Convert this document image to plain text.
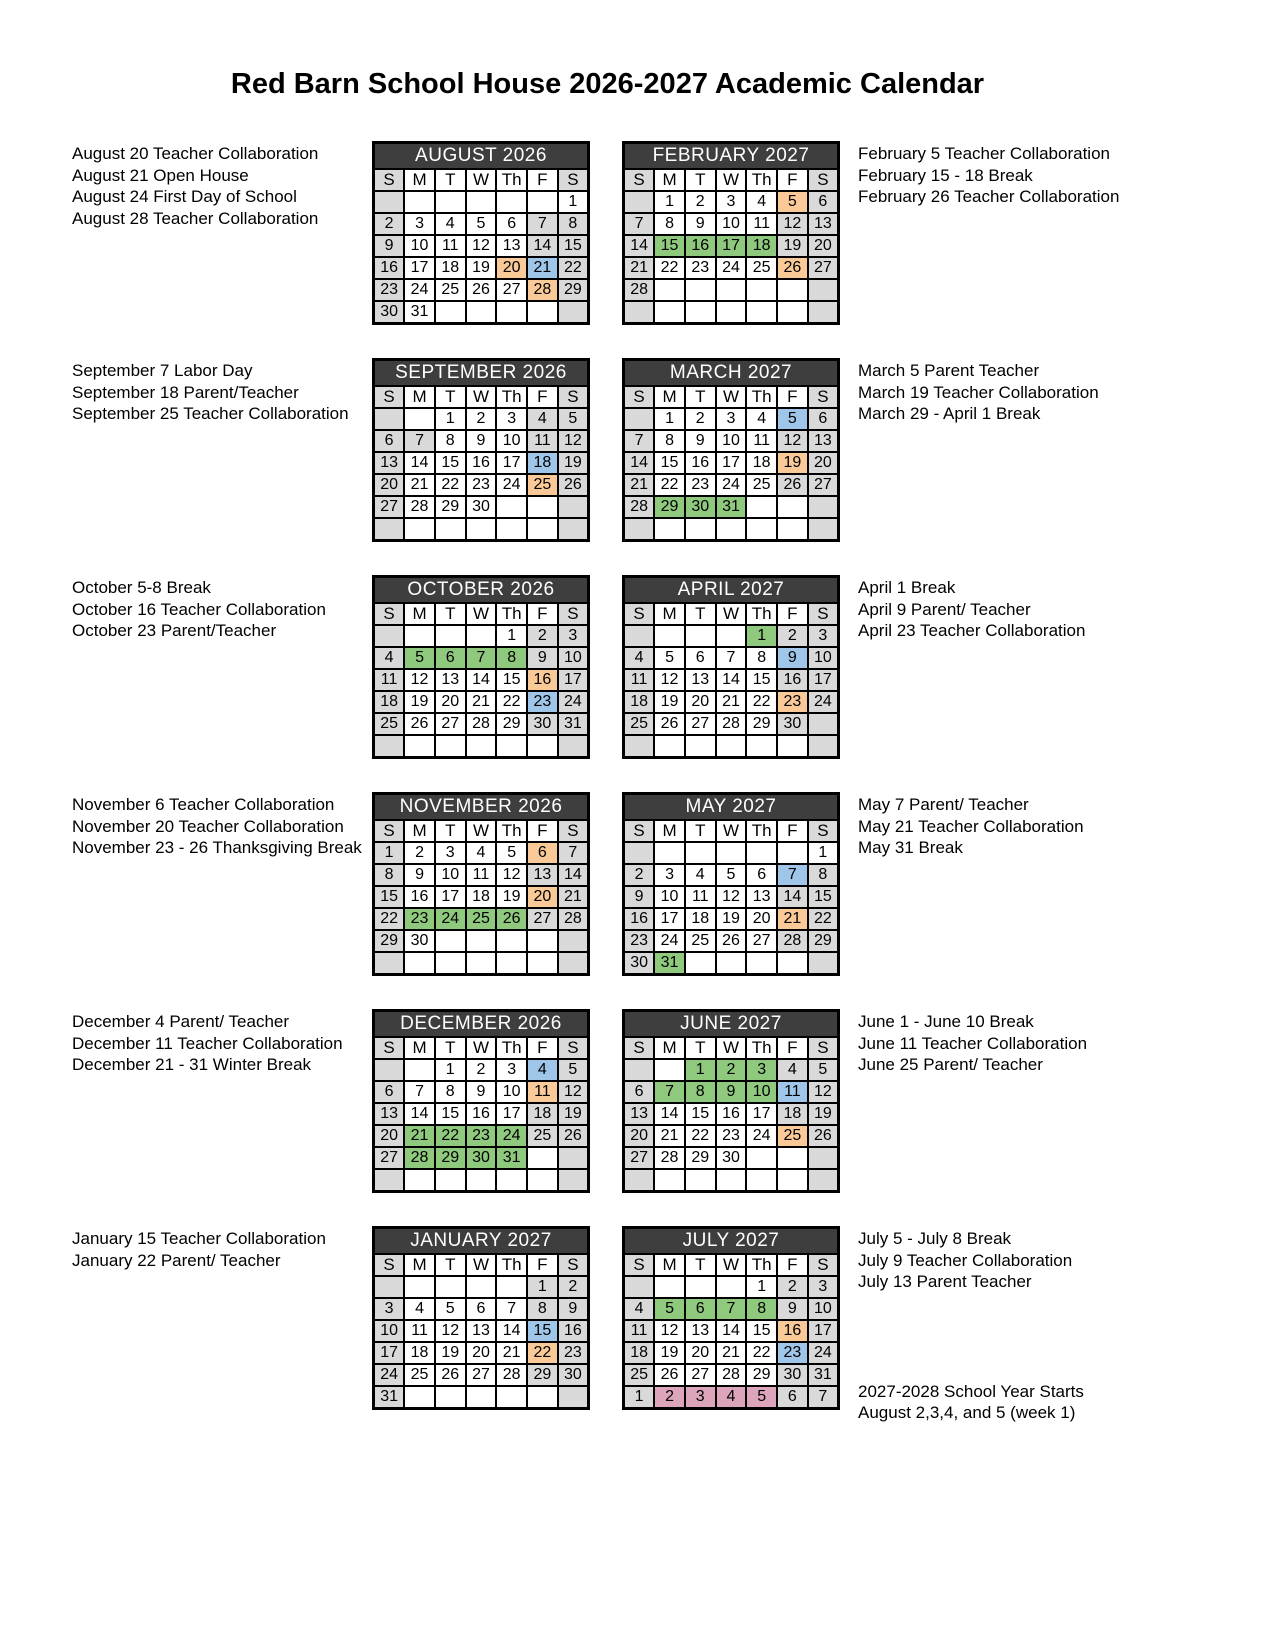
Red Barn School House 2026-2027 Academic Calendar
AUGUST 2026						
S	M	T	W	Th	F	S
						1
2	3	4	5	6	7	8
9	10	11	12	13	14	15
16	17	18	19	20	21	22
23	24	25	26	27	28	29
30	31					
FEBRUARY 2027						
S	M	T	W	Th	F	S
	1	2	3	4	5	6
7	8	9	10	11	12	13
14	15	16	17	18	19	20
21	22	23	24	25	26	27
28						

SEPTEMBER 2026						
S	M	T	W	Th	F	S
		1	2	3	4	5
6	7	8	9	10	11	12
13	14	15	16	17	18	19
20	21	22	23	24	25	26
27	28	29	30			

MARCH 2027						
S	M	T	W	Th	F	S
	1	2	3	4	5	6
7	8	9	10	11	12	13
14	15	16	17	18	19	20
21	22	23	24	25	26	27
28	29	30	31			

OCTOBER 2026						
S	M	T	W	Th	F	S
				1	2	3
4	5	6	7	8	9	10
11	12	13	14	15	16	17
18	19	20	21	22	23	24
25	26	27	28	29	30	31

APRIL 2027						
S	M	T	W	Th	F	S
				1	2	3
4	5	6	7	8	9	10
11	12	13	14	15	16	17
18	19	20	21	22	23	24
25	26	27	28	29	30	

NOVEMBER 2026						
S	M	T	W	Th	F	S
1	2	3	4	5	6	7
8	9	10	11	12	13	14
15	16	17	18	19	20	21
22	23	24	25	26	27	28
29	30					

MAY 2027						
S	M	T	W	Th	F	S
						1
2	3	4	5	6	7	8
9	10	11	12	13	14	15
16	17	18	19	20	21	22
23	24	25	26	27	28	29
30	31					
DECEMBER 2026						
S	M	T	W	Th	F	S
		1	2	3	4	5
6	7	8	9	10	11	12
13	14	15	16	17	18	19
20	21	22	23	24	25	26
27	28	29	30	31		

JUNE 2027						
S	M	T	W	Th	F	S
		1	2	3	4	5
6	7	8	9	10	11	12
13	14	15	16	17	18	19
20	21	22	23	24	25	26
27	28	29	30			

JANUARY 2027						
S	M	T	W	Th	F	S
					1	2
3	4	5	6	7	8	9
10	11	12	13	14	15	16
17	18	19	20	21	22	23
24	25	26	27	28	29	30
31						
JULY 2027						
S	M	T	W	Th	F	S
				1	2	3
4	5	6	7	8	9	10
11	12	13	14	15	16	17
18	19	20	21	22	23	24
25	26	27	28	29	30	31
1	2	3	4	5	6	7
August 20 Teacher Collaboration
August 21 Open House
August 24 First Day of School
August 28 Teacher Collaboration
September 7 Labor Day
September 18 Parent/Teacher
September 25 Teacher Collaboration
October 5-8 Break
October 16 Teacher Collaboration
October 23 Parent/Teacher
November 6 Teacher Collaboration
November 20 Teacher Collaboration
November 23 - 26 Thanksgiving Break
December 4 Parent/ Teacher
December 11 Teacher Collaboration
December 21 - 31 Winter Break
January 15 Teacher Collaboration
January 22 Parent/ Teacher
February 5 Teacher Collaboration
February 15 - 18 Break
February 26 Teacher Collaboration
March 5 Parent Teacher
March 19 Teacher Collaboration
March 29 - April 1 Break
April 1 Break
April 9 Parent/ Teacher
April 23 Teacher Collaboration
May 7 Parent/ Teacher
May 21 Teacher Collaboration
May 31 Break
June 1 - June 10 Break
June 11 Teacher Collaboration
June 25 Parent/ Teacher
July 5 - July 8 Break
July 9 Teacher Collaboration
July 13 Parent Teacher
2027-2028 School Year Starts
August 2,3,4, and 5 (week 1)
